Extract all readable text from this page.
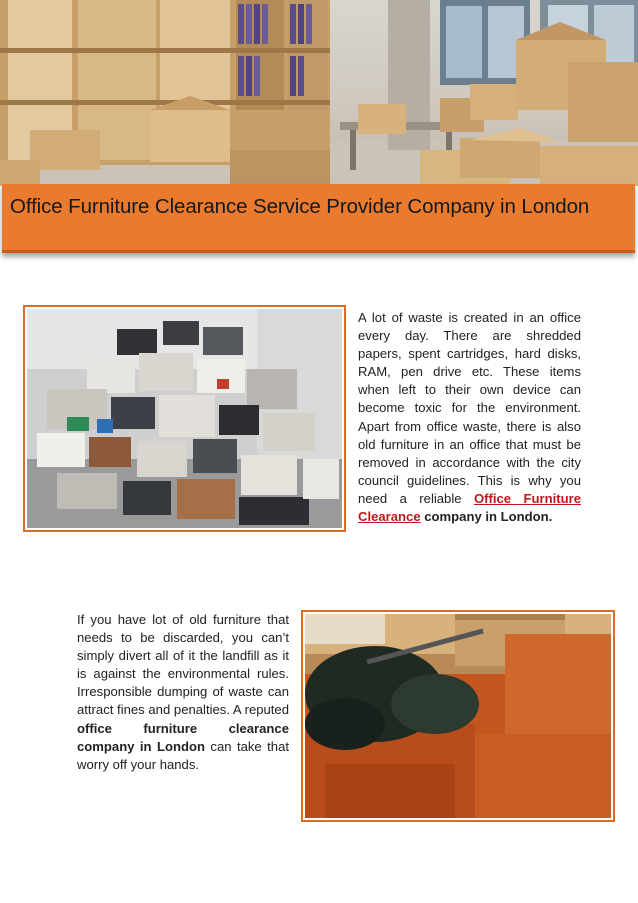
Office Furniture Clearance Service Provider Company in London
A lot of waste is created in an office every day. There are shredded papers, spent cartridges, hard disks, RAM, pen drive etc. These items when left to their own device can become toxic for the environment. Apart from office waste, there is also old furniture in an office that must be removed in accordance with the city council guidelines. This is why you need a reliable Office Furniture Clearance company in London.
If you have lot of old furniture that needs to be discarded, you can’t simply divert all of it the landfill as it is against the environmental rules. Irresponsible dumping of waste can attract fines and penalties. A reputed office furniture clearance company in London can take that worry off your hands.
